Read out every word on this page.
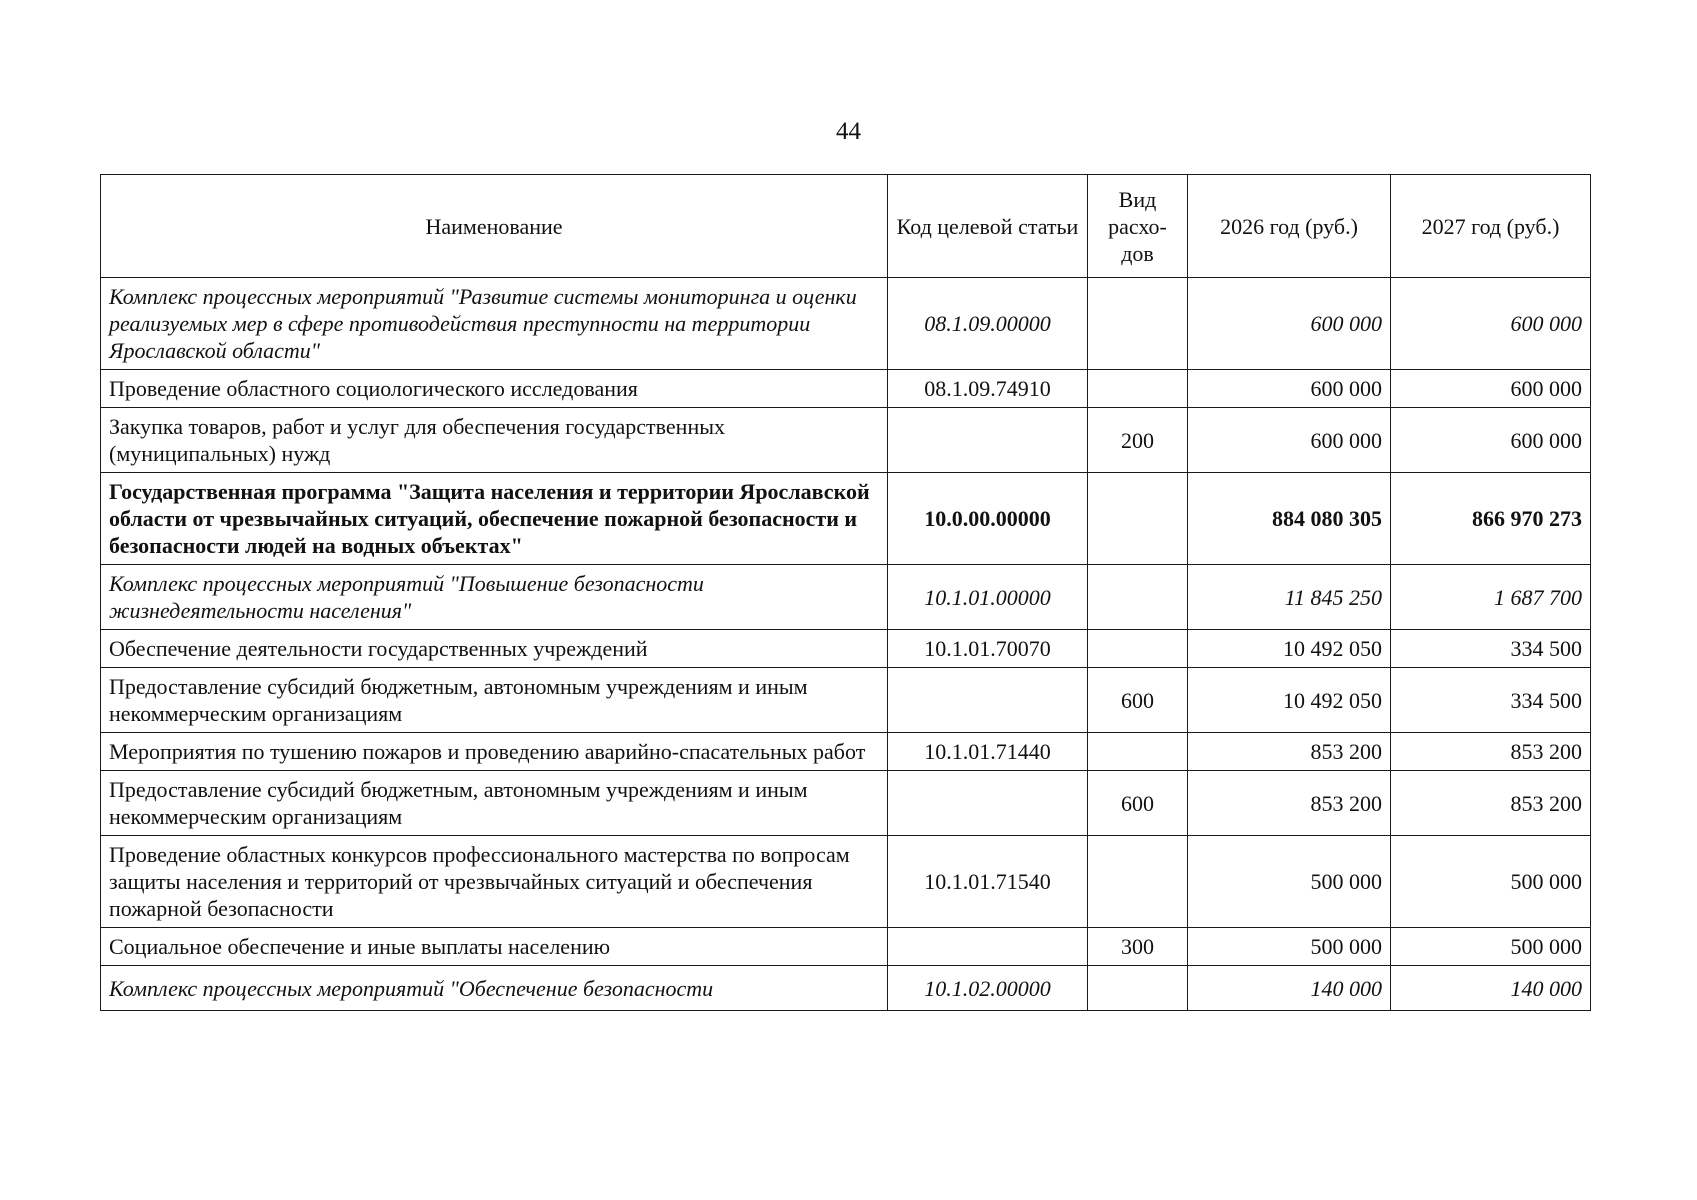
44
Наименование	Код целевой статьи	Вид расхо-дов	2026 год (руб.)	2027 год (руб.)
Комплекс процессных мероприятий "Развитие системы мониторинга и оценки реализуемых мер в сфере противодействия преступности на территории Ярославской области"	08.1.09.00000		600 000	600 000
Проведение областного социологического исследования	08.1.09.74910		600 000	600 000
Закупка товаров, работ и услуг для обеспечения государственных (муниципальных) нужд		200	600 000	600 000
Государственная программа "Защита населения и территории Ярославской области от чрезвычайных ситуаций, обеспечение пожарной безопасности и безопасности людей на водных объектах"	10.0.00.00000		884 080 305	866 970 273
Комплекс процессных мероприятий "Повышение безопасности жизнедеятельности населения"	10.1.01.00000		11 845 250	1 687 700
Обеспечение деятельности государственных учреждений	10.1.01.70070		10 492 050	334 500
Предоставление субсидий бюджетным, автономным учреждениям и иным некоммерческим организациям		600	10 492 050	334 500
Мероприятия по тушению пожаров и проведению аварийно-спасательных работ	10.1.01.71440		853 200	853 200
Предоставление субсидий бюджетным, автономным учреждениям и иным некоммерческим организациям		600	853 200	853 200
Проведение областных конкурсов профессионального мастерства по вопросам защиты населения и территорий от чрезвычайных ситуаций и обеспечения пожарной безопасности	10.1.01.71540		500 000	500 000
Социальное обеспечение и иные выплаты населению		300	500 000	500 000
Комплекс процессных мероприятий "Обеспечение безопасности	10.1.02.00000		140 000	140 000
